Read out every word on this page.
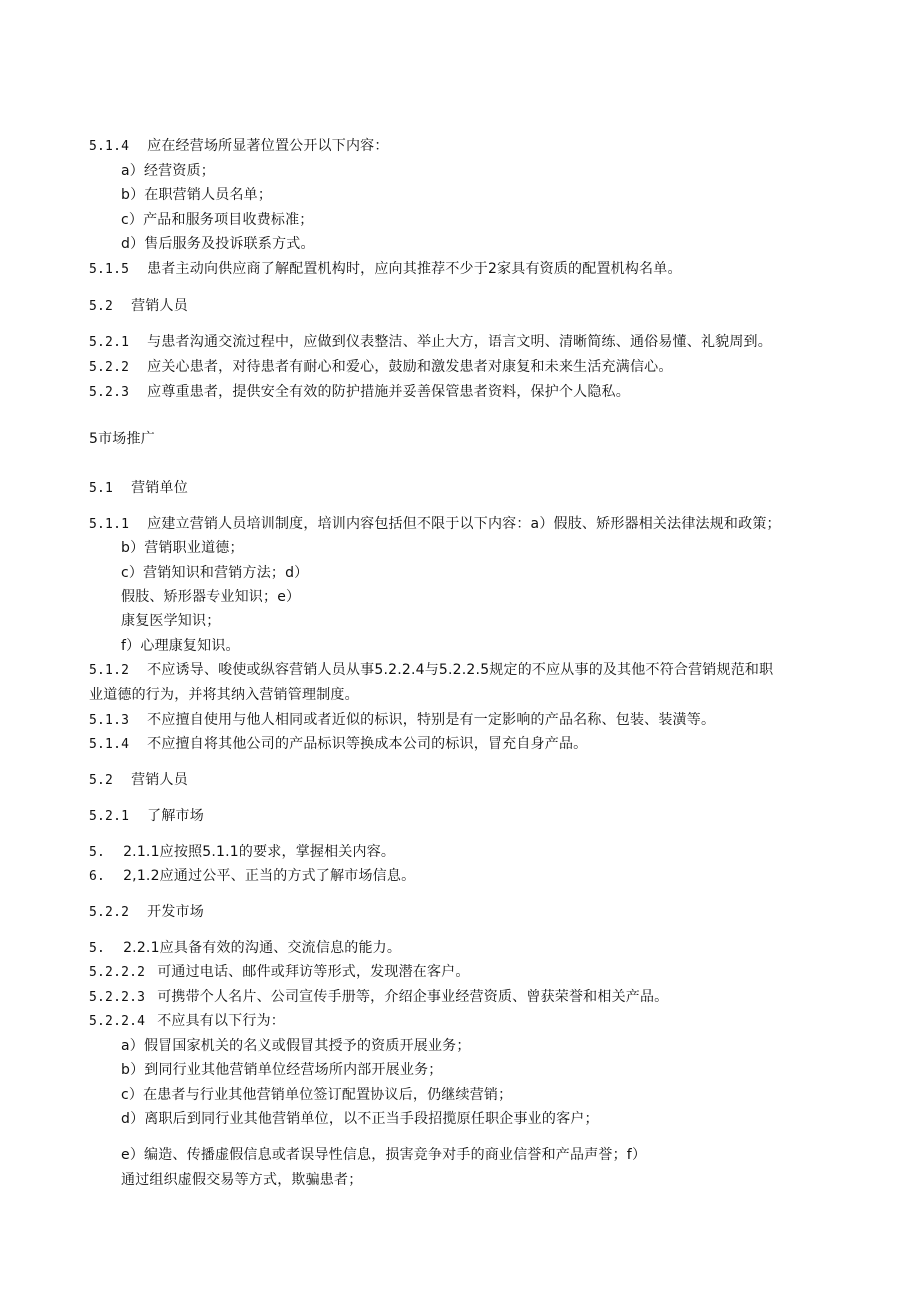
5.1.4 应在经营场所显著位置公开以下内容：
a）经营资质；
b）在职营销人员名单；
c）产品和服务项目收费标准；
d）售后服务及投诉联系方式。
5.1.5 患者主动向供应商了解配置机构时，应向其推荐不少于2家具有资质的配置机构名单。
5.2 营销人员
5.2.1 与患者沟通交流过程中，应做到仪表整洁、举止大方，语言文明、清晰简练、通俗易懂、礼貌周到。
5.2.2 应关心患者，对待患者有耐心和爱心，鼓励和激发患者对康复和未来生活充满信心。
5.2.3 应尊重患者，提供安全有效的防护措施并妥善保管患者资料，保护个人隐私。
5市场推广
5.1 营销单位
5.1.1 应建立营销人员培训制度，培训内容包括但不限于以下内容：a）假肢、矫形器相关法律法规和政策；
b）营销职业道德；
c）营销知识和营销方法；d）
假肢、矫形器专业知识；e）
康复医学知识；
f）心理康复知识。
5.1.2 不应诱导、唆使或纵容营销人员从事5.2.2.4与5.2.2.5规定的不应从事的及其他不符合营销规范和职
业道德的行为，并将其纳入营销管理制度。
5.1.3 不应擅自使用与他人相同或者近似的标识，特别是有一定影响的产品名称、包装、装潢等。
5.1.4 不应擅自将其他公司的产品标识等换成本公司的标识，冒充自身产品。
5.2 营销人员
5.2.1 了解市场
5. 2.1.1应按照5.1.1的要求，掌握相关内容。
6. 2,1.2应通过公平、正当的方式了解市场信息。
5.2.2 开发市场
5. 2.2.1应具备有效的沟通、交流信息的能力。
5.2.2.2 可通过电话、邮件或拜访等形式，发现潜在客户。
5.2.2.3 可携带个人名片、公司宣传手册等，介绍企事业经营资质、曾获荣誉和相关产品。
5.2.2.4 不应具有以下行为：
a）假冒国家机关的名义或假冒其授予的资质开展业务；
b）到同行业其他营销单位经营场所内部开展业务；
c）在患者与行业其他营销单位签订配置协议后，仍继续营销；
d）离职后到同行业其他营销单位，以不正当手段招揽原任职企事业的客户；
e）编造、传播虚假信息或者误导性信息，损害竞争对手的商业信誉和产品声誉；f）
通过组织虚假交易等方式，欺骗患者；
